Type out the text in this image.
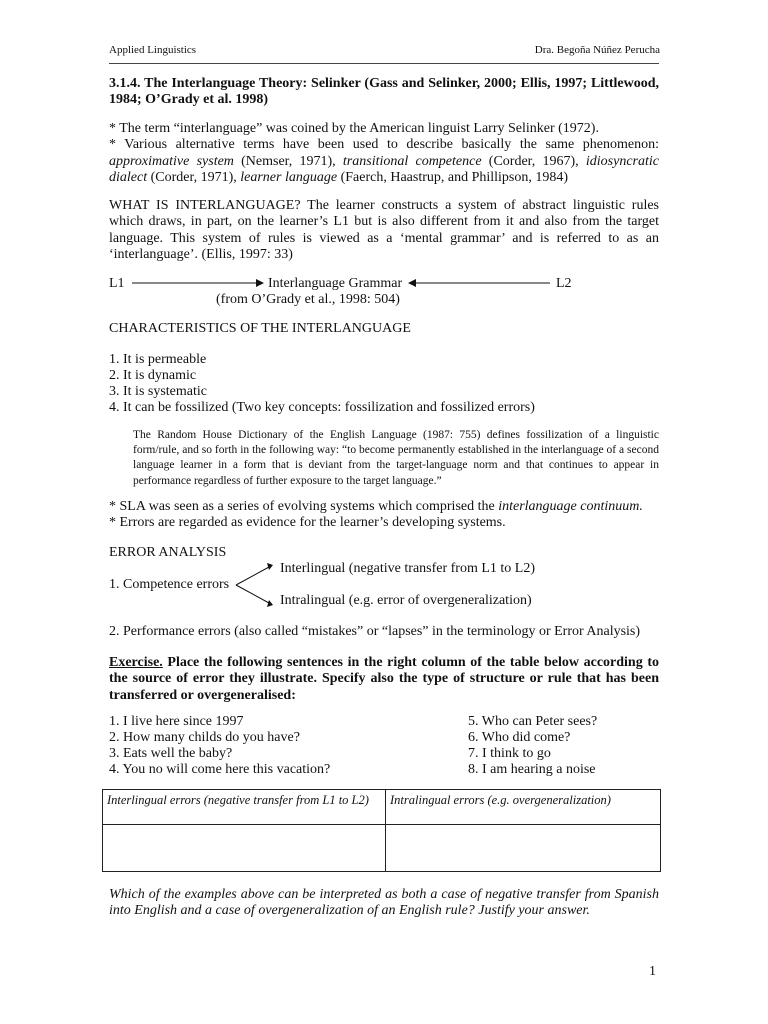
Applied Linguistics	Dra. Begoña Núñez Perucha
3.1.4. The Interlanguage Theory: Selinker (Gass and Selinker, 2000; Ellis, 1997; Littlewood, 1984; O’Grady et al. 1998)
* The term “interlanguage” was coined by the American linguist Larry Selinker (1972).
* Various alternative terms have been used to describe basically the same phenomenon: approximative system (Nemser, 1971), transitional competence (Corder, 1967), idiosyncratic dialect (Corder, 1971), learner language (Faerch, Haastrup, and Phillipson, 1984)
WHAT IS INTERLANGUAGE? The learner constructs a system of abstract linguistic rules which draws, in part, on the learner’s L1 but is also different from it and also from the target language. This system of rules is viewed as a ‘mental grammar’ and is referred to as an ‘interlanguage’. (Ellis, 1997: 33)
L1	Interlanguage Grammar	L2
(from O’Grady et al., 1998: 504)
CHARACTERISTICS OF THE INTERLANGUAGE
1. It is permeable
2. It is dynamic
3. It is systematic
4. It can be fossilized (Two key concepts: fossilization and fossilized errors)
The Random House Dictionary of the English Language (1987: 755) defines fossilization of a linguistic form/rule, and so forth in the following way: “to become permanently established in the interlanguage of a second language learner in a form that is deviant from the target-language norm and that continues to appear in performance regardless of further exposure to the target language.”
* SLA was seen as a series of evolving systems which comprised the interlanguage continuum.
* Errors are regarded as evidence for the learner’s developing systems.
ERROR ANALYSIS
Interlingual (negative transfer from L1 to L2)
1. Competence errors
Intralingual (e.g. error of overgeneralization)
2. Performance errors (also called “mistakes” or “lapses” in the terminology or Error Analysis)
Exercise. Place the following sentences in the right column of the table below according to the source of error they illustrate. Specify also the type of structure or rule that has been transferred or overgeneralised:
1. I live here since 1997
2. How many childs do you have?
3. Eats well the baby?
4. You no will come here this vacation?
5. Who can Peter sees?
6. Who did come?
7. I think to go
8. I am hearing a noise
Interlingual errors (negative transfer from L1 to L2)	Intralingual errors (e.g. overgeneralization)

Which of the examples above can be interpreted as both a case of negative transfer from Spanish into English and a case of overgeneralization of an English rule? Justify your answer.
1
